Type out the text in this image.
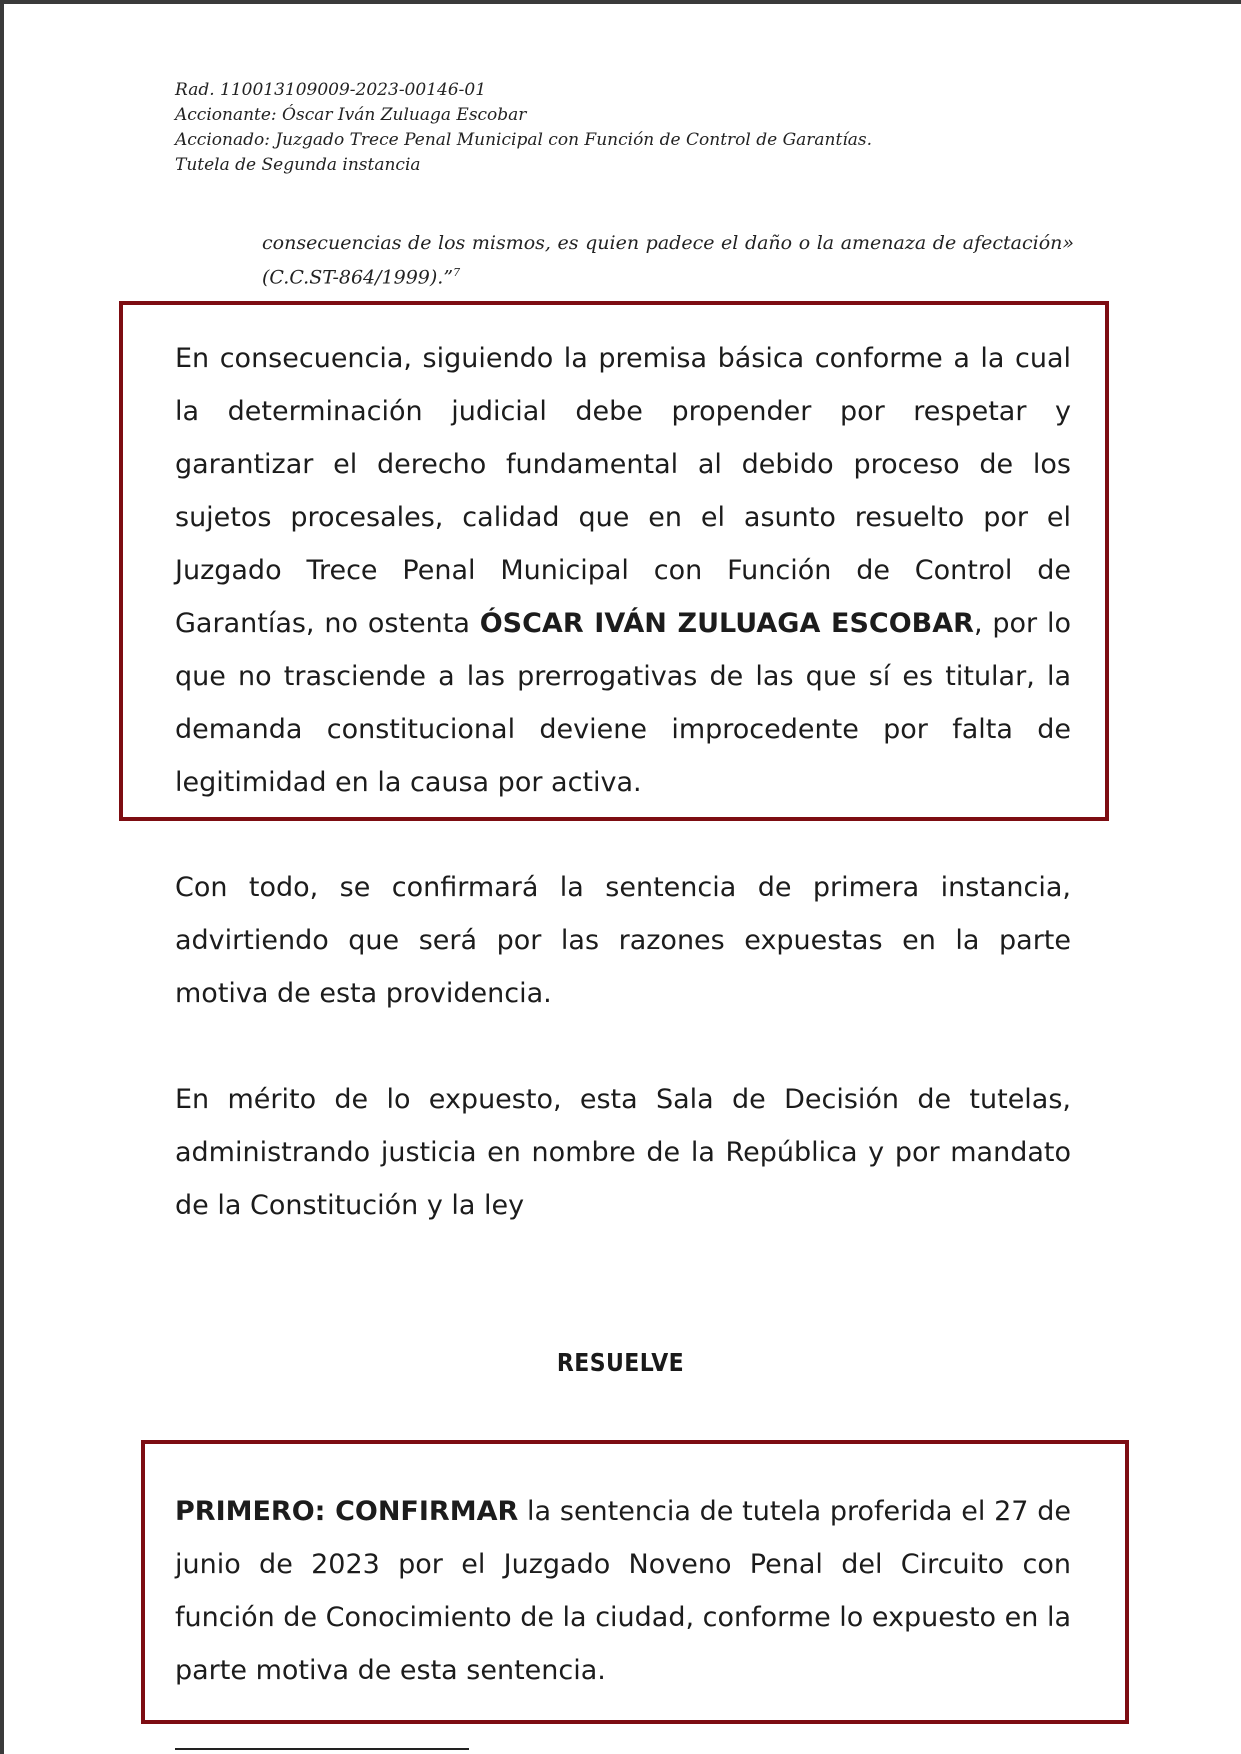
Rad. 110013109009-2023-00146-01
Accionante: Óscar Iván Zuluaga Escobar
Accionado: Juzgado Trece Penal Municipal con Función de Control de Garantías.
Tutela de Segunda instancia
consecuencias de los mismos, es quien padece el daño o la amenaza de afectación» (C.C.ST-864/1999).”$^7$
En consecuencia, siguiendo la premisa básica conforme a la cual la determinación judicial debe propender por respetar y garantizar el derecho fundamental al debido proceso de los sujetos procesales, calidad que en el asunto resuelto por el Juzgado Trece Penal Municipal con Función de Control de Garantías, no ostenta ÓSCAR IVÁN ZULUAGA ESCOBAR, por lo que no trasciende a las prerrogativas de las que sí es titular, la demanda constitucional deviene improcedente por falta de legitimidad en la causa por activa.
Con todo, se confirmará la sentencia de primera instancia, advirtiendo que será por las razones expuestas en la parte motiva de esta providencia.
En mérito de lo expuesto, esta Sala de Decisión de tutelas, administrando justicia en nombre de la República y por mandato de la Constitución y la ley
RESUELVE
PRIMERO: CONFIRMAR la sentencia de tutela proferida el 27 de junio de 2023 por el Juzgado Noveno Penal del Circuito con función de Conocimiento de la ciudad, conforme lo expuesto en la parte motiva de esta sentencia.
